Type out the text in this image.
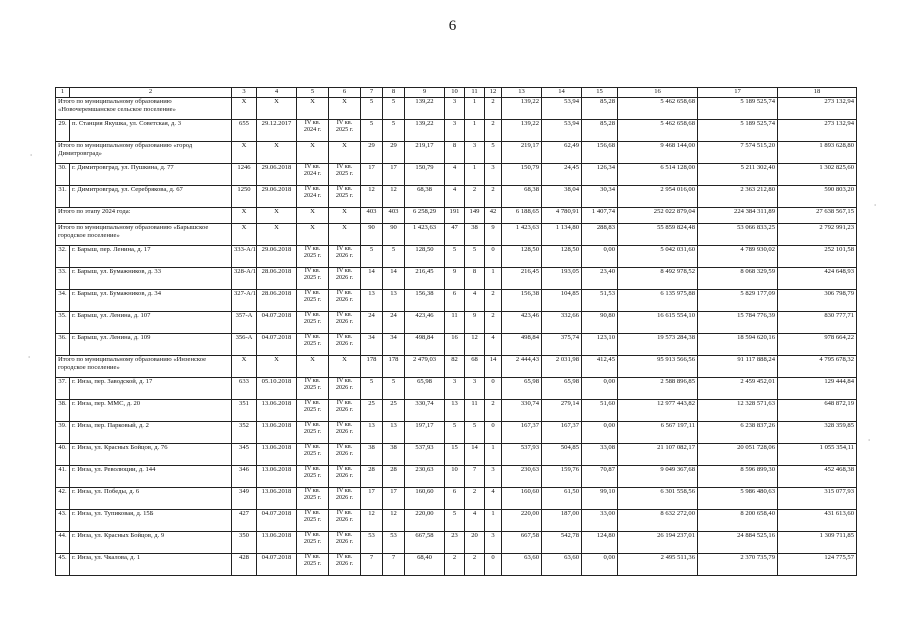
6
1	2	3	4	5	6	7	8	9	10	11	12	13	14	15	16	17	18
Итого по муниципальному образованию «Новочеремшанское сельское поселение»		X	X	X	X	5	5	139,22	3	1	2	139,22	53,94	85,28	5 462 658,68	5 189 525,74	273 132,94
29.	п. Станция Якушка, ул. Советская, д. 3	655	29.12.2017	IV кв. 2024 г.	IV кв. 2025 г.	5	5	139,22	3	1	2	139,22	53,94	85,28	5 462 658,68	5 189 525,74	273 132,94
Итого по муниципальному образованию «город Димитровград»		X	X	X	X	29	29	219,17	8	3	5	219,17	62,49	156,68	9 468 144,00	7 574 515,20	1 893 628,80
30.	г. Димитровград, ул. Пушкина, д. 77	1246	29.06.2018	IV кв. 2024 г.	IV кв. 2025 г.	17	17	150,79	4	1	3	150,79	24,45	126,34	6 514 128,00	5 211 302,40	1 302 825,60
31.	г. Димитровград, ул. Серебрякова, д. 67	1250	29.06.2018	IV кв. 2024 г.	IV кв. 2025 г.	12	12	68,38	4	2	2	68,38	38,04	30,34	2 954 016,00	2 363 212,80	590 803,20
Итого по этапу 2024 года:		X	X	X	X	403	403	6 258,29	191	149	42	6 188,65	4 780,91	1 407,74	252 022 879,04	224 384 311,89	27 638 567,15
Итого по муниципальному образованию «Барышское городское поселение»		X	X	X	X	90	90	1 423,63	47	38	9	1 423,63	1 134,80	288,83	55 859 824,48	53 066 833,25	2 792 991,23
32.	г. Барыш, пер. Ленина, д. 17	333-А/1	29.06.2018	IV кв. 2025 г.	IV кв. 2026 г.	5	5	128,50	5	5	0	128,50	128,50	0,00	5 042 031,60	4 789 930,02	252 101,58
33.	г. Барыш, ул. Бумажников, д. 33	328-А/1	28.06.2018	IV кв. 2025 г.	IV кв. 2026 г.	14	14	216,45	9	8	1	216,45	193,05	23,40	8 492 978,52	8 068 329,59	424 648,93
34.	г. Барыш, ул. Бумажников, д. 34	327-А/1	28.06.2018	IV кв. 2025 г.	IV кв. 2026 г.	13	13	156,38	6	4	2	156,38	104,85	51,53	6 135 975,88	5 829 177,09	306 798,79
35.	г. Барыш, ул. Ленина, д. 107	357-А	04.07.2018	IV кв. 2025 г.	IV кв. 2026 г.	24	24	423,46	11	9	2	423,46	332,66	90,80	16 615 554,10	15 784 776,39	830 777,71
36.	г. Барыш, ул. Ленина, д. 109	356-А	04.07.2018	IV кв. 2025 г.	IV кв. 2026 г.	34	34	498,84	16	12	4	498,84	375,74	123,10	19 573 284,38	18 594 620,16	978 664,22
Итого по муниципальному образованию «Инзенское городское поселение»		X	X	X	X	178	178	2 479,03	82	68	14	2 444,43	2 031,98	412,45	95 913 566,56	91 117 888,24	4 795 678,32
37.	г. Инза, пер. Заводской, д. 17	633	05.10.2018	IV кв. 2025 г.	IV кв. 2026 г.	5	5	65,98	3	3	0	65,98	65,98	0,00	2 588 896,85	2 459 452,01	129 444,84
38.	г. Инза, пер. ММС, д. 20	351	13.06.2018	IV кв. 2025 г.	IV кв. 2026 г.	25	25	330,74	13	11	2	330,74	279,14	51,60	12 977 443,82	12 328 571,63	648 872,19
39.	г. Инза, пер. Парковый, д. 2	352	13.06.2018	IV кв. 2025 г.	IV кв. 2026 г.	13	13	197,17	5	5	0	167,37	167,37	0,00	6 567 197,11	6 238 837,26	328 359,85
40.	г. Инза, ул. Красных Бойцов, д. 76	345	13.06.2018	IV кв. 2025 г.	IV кв. 2026 г.	38	38	537,93	15	14	1	537,93	504,85	33,08	21 107 082,17	20 051 728,06	1 055 354,11
41.	г. Инза, ул. Революции, д. 144	346	13.06.2018	IV кв. 2025 г.	IV кв. 2026 г.	28	28	230,63	10	7	3	230,63	159,76	70,87	9 049 367,68	8 596 899,30	452 468,38
42.	г. Инза, ул. Победы, д. 6	349	13.06.2018	IV кв. 2025 г.	IV кв. 2026 г.	17	17	160,60	6	2	4	160,60	61,50	99,10	6 301 558,56	5 986 480,63	315 077,93
43.	г. Инза, ул. Тупиковая, д. 15Б	427	04.07.2018	IV кв. 2025 г.	IV кв. 2026 г.	12	12	220,00	5	4	1	220,00	187,00	33,00	8 632 272,00	8 200 658,40	431 613,60
44.	г. Инза, ул. Красных Бойцов, д. 9	350	13.06.2018	IV кв. 2025 г.	IV кв. 2026 г.	53	53	667,58	23	20	3	667,58	542,78	124,80	26 194 237,01	24 884 525,16	1 309 711,85
45.	г. Инза, ул. Чкалова, д. 1	428	04.07.2018	IV кв. 2025 г.	IV кв. 2026 г.	7	7	68,40	2	2	0	63,60	63,60	0,00	2 495 511,36	2 370 735,79	124 775,57
∙
∙
∙
∙
